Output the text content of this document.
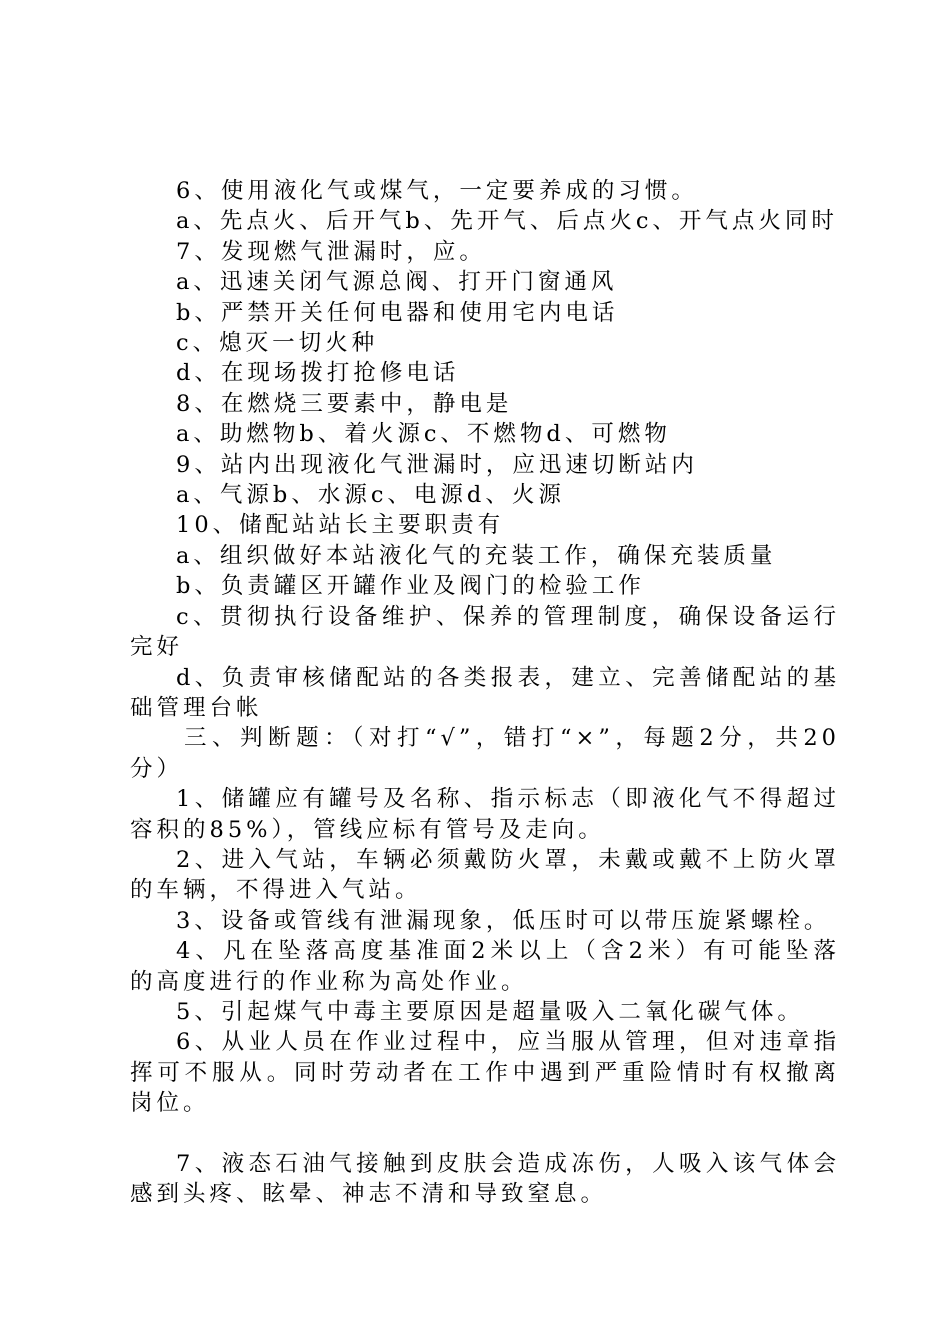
6、使用液化气或煤气，一定要养成的习惯。

a、先点火、后开气b、先开气、后点火c、开气点火同时

7、发现燃气泄漏时，应。

a、迅速关闭气源总阀、打开门窗通风

b、严禁开关任何电器和使用宅内电话

c、熄灭一切火种

d、在现场拨打抢修电话

8、在燃烧三要素中，静电是

a、助燃物b、着火源c、不燃物d、可燃物

9、站内出现液化气泄漏时，应迅速切断站内

a、气源b、水源c、电源d、火源

10、储配站站长主要职责有

a、组织做好本站液化气的充装工作，确保充装质量

b、负责罐区开罐作业及阀门的检验工作

c、贯彻执行设备维护、保养的管理制度，确保设备运行完好

d、负责审核储配站的各类报表，建立、完善储配站的基础管理台帐

三、判断题：（对打“√”，错打“×”，每题2分，共20分）

1、储罐应有罐号及名称、指示标志（即液化气不得超过容积的85%），管线应标有管号及走向。

2、进入气站，车辆必须戴防火罩，未戴或戴不上防火罩的车辆，不得进入气站。

3、设备或管线有泄漏现象，低压时可以带压旋紧螺栓。

4、凡在坠落高度基准面2米以上（含2米）有可能坠落的高度进行的作业称为高处作业。

5、引起煤气中毒主要原因是超量吸入二氧化碳气体。

6、从业人员在作业过程中，应当服从管理，但对违章指挥可不服从。同时劳动者在工作中遇到严重险情时有权撤离岗位。

7、液态石油气接触到皮肤会造成冻伤，人吸入该气体会感到头疼、眩晕、神志不清和导致窒息。
